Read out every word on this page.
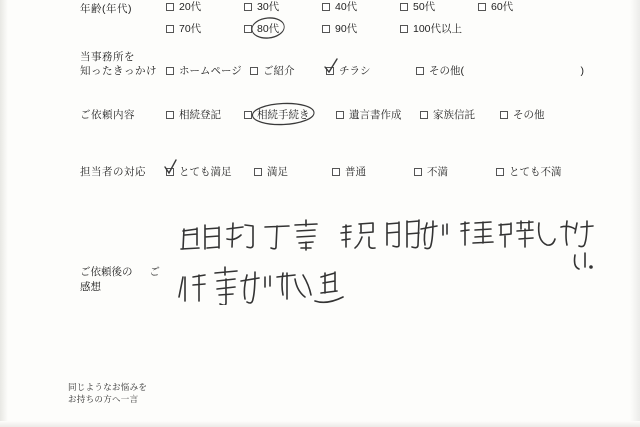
年齢(年代)	20代	30代	40代	50代	60代
70代	80代	90代	100代以上
当事務所を
知ったきっかけ	ホームページ ご紹介	チラシ	その他(	)
ご依頼内容	相続登記	相続手続き	遺言書作成	家族信託	その他
担当者の対応	とても満足	満足	普通	不満	とても不満
ご依頼後の ご感想
同じようなお悩みを
お持ちの方へ一言
